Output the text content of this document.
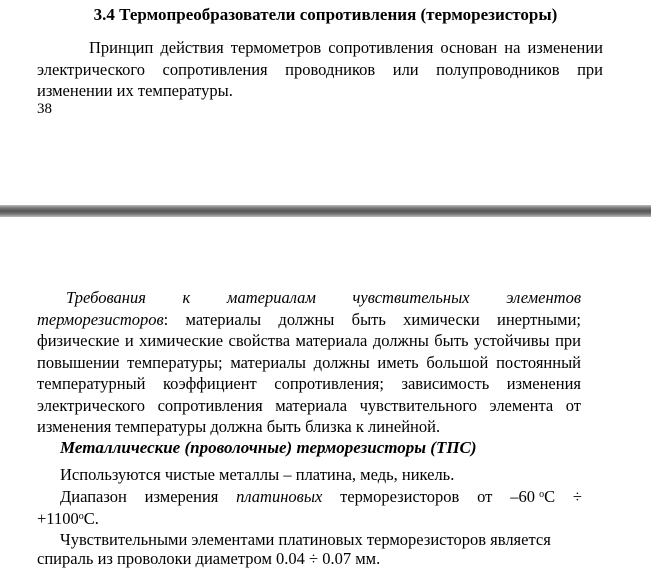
3.4 Термопреобразователи сопротивления (терморезисторы)
Принцип действия термометров сопротивления основан на изменении электрического сопротивления проводников или полупроводников при изменении их температуры.
38
Требования к материалам чувствительных элементов терморезисторов: материалы должны быть химически инертными; физические и химические свойства материала должны быть устойчивы при повышении температуры; материалы должны иметь большой постоянный температурный коэффициент сопротивления; зависимость изменения электрического сопротивления материала чувствительного элемента от изменения температуры должна быть близка к линейной.
Металлические (проволочные) терморезисторы (ТПС)
Используются чистые металлы – платина, медь, никель.
Диапазон измерения платиновых терморезисторов от –60 $^o$С ÷
$+1100^oС$.
Чувствительными элементами платиновых терморезисторов является
спираль из проволоки диаметром 0.04 ÷ 0.07 мм.
